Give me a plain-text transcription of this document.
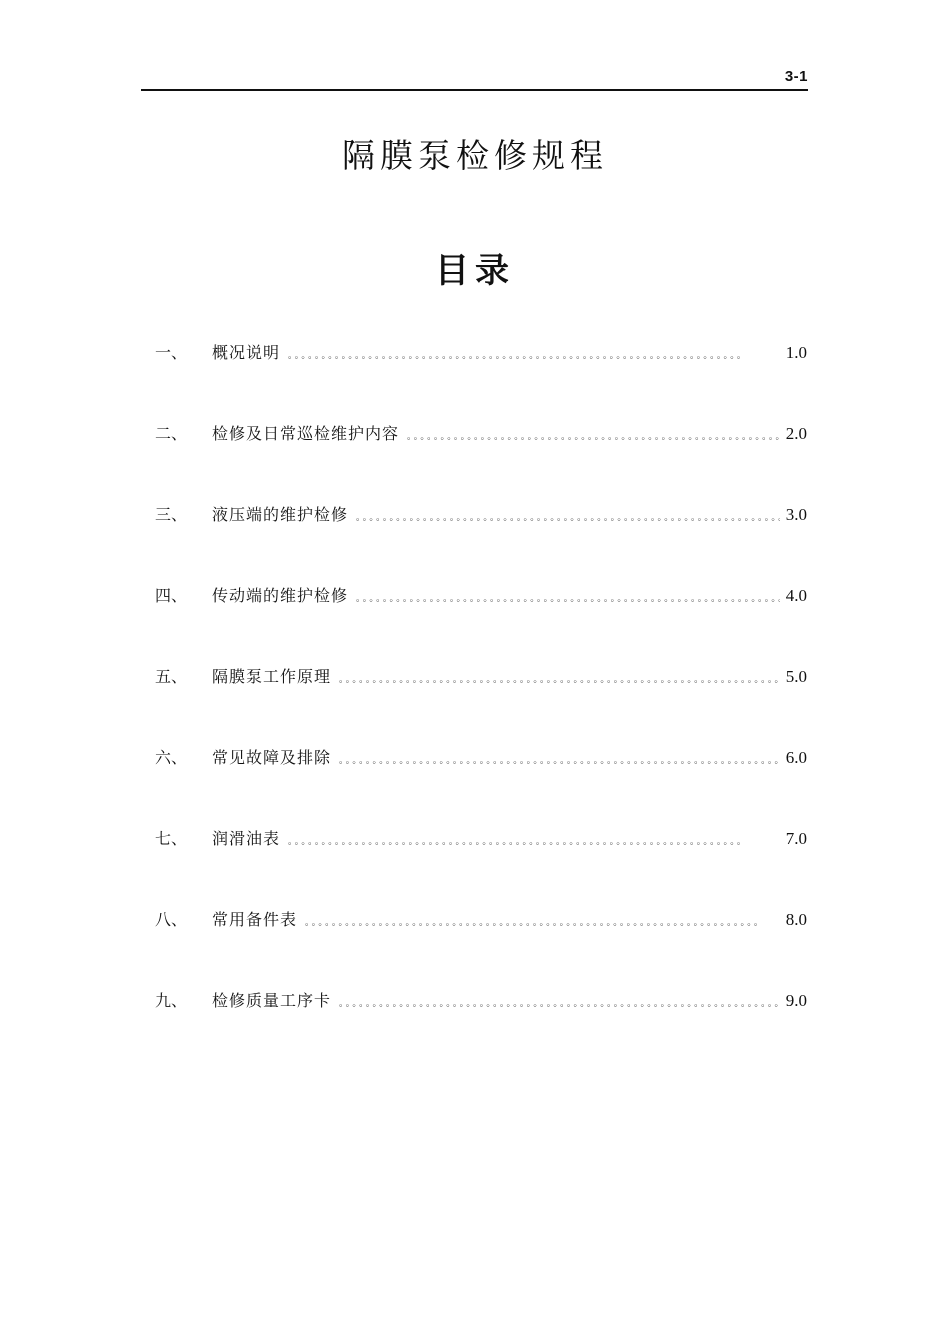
3-1
隔膜泵检修规程
目录
一、	概况说明 。。。。。。。。。。。。。。。。。。。。。。。。。。。。。。。。。。。。。。。。。。。。。。。。。。。。。。。。。。。。。。。。。。。。	1.0
二、	检修及日常巡检维护内容 。。。。。。。。。。。。。。。。。。。。。。。。。。。。。。。。。。。。。。。。。。。。。。。。。。。。。。。。。。。。。。。。。。。。	2.0
三、	液压端的维护检修 。。。。。。。。。。。。。。。。。。。。。。。。。。。。。。。。。。。。。。。。。。。。。。。。。。。。。。。。。。。。。。。。。。。。	3.0
四、	传动端的维护检修 。。。。。。。。。。。。。。。。。。。。。。。。。。。。。。。。。。。。。。。。。。。。。。。。。。。。。。。。。。。。。。。。。。。。	4.0
五、	隔膜泵工作原理 。。。。。。。。。。。。。。。。。。。。。。。。。。。。。。。。。。。。。。。。。。。。。。。。。。。。。。。。。。。。。。。。。。。。	5.0
六、	常见故障及排除 。。。。。。。。。。。。。。。。。。。。。。。。。。。。。。。。。。。。。。。。。。。。。。。。。。。。。。。。。。。。。。。。。。。。	6.0
七、	润滑油表 。。。。。。。。。。。。。。。。。。。。。。。。。。。。。。。。。。。。。。。。。。。。。。。。。。。。。。。。。。。。。。。。。。。。	7.0
八、	常用备件表 。。。。。。。。。。。。。。。。。。。。。。。。。。。。。。。。。。。。。。。。。。。。。。。。。。。。。。。。。。。。。。。。。。。。	8.0
九、	检修质量工序卡 。。。。。。。。。。。。。。。。。。。。。。。。。。。。。。。。。。。。。。。。。。。。。。。。。。。。。。。。。。。。。。。。。。。。	9.0
